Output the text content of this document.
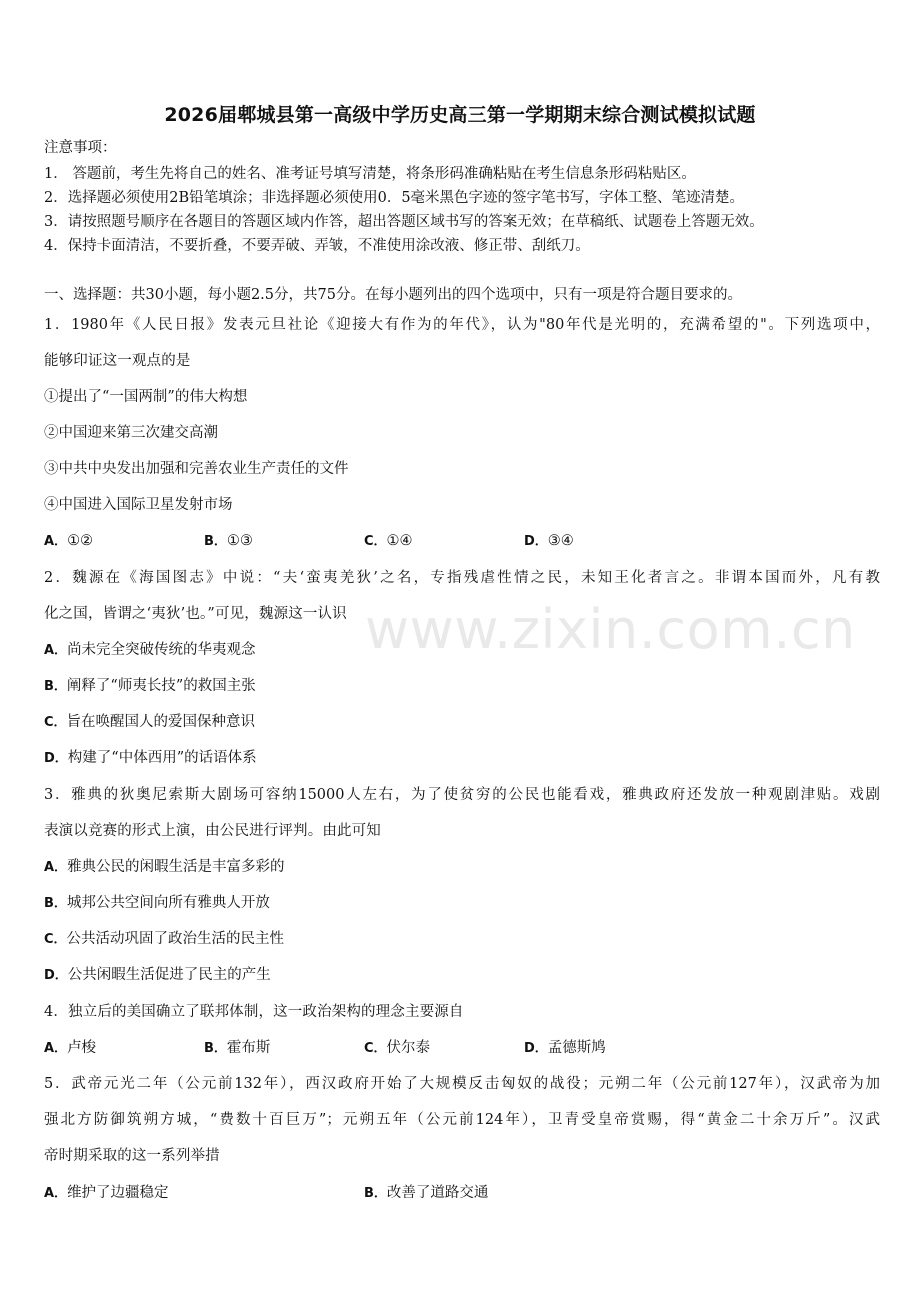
2026届郫城县第一高级中学历史高三第一学期期末综合测试模拟试题
注意事项：
1． 答题前，考生先将自己的姓名、准考证号填写清楚，将条形码准确粘贴在考生信息条形码粘贴区。
2．选择题必须使用2B铅笔填涂；非选择题必须使用0．5毫米黑色字迹的签字笔书写，字体工整、笔迹清楚。
3．请按照题号顺序在各题目的答题区域内作答，超出答题区域书写的答案无效；在草稿纸、试题卷上答题无效。
4．保持卡面清洁，不要折叠，不要弄破、弄皱，不准使用涂改液、修正带、刮纸刀。
一、选择题：共30小题，每小题2.5分，共75分。在每小题列出的四个选项中，只有一项是符合题目要求的。
1．1980年《人民日报》发表元旦社论《迎接大有作为的年代》，认为"80年代是光明的，充满希望的"。下列选项中，
能够印证这一观点的是
①提出了“一国两制”的伟大构想
②中国迎来第三次建交高潮
③中共中央发出加强和完善农业生产责任的文件
④中国进入国际卫星发射市场
A．①②	B．①③	C．①④	D．③④
2．魏源在《海国图志》中说：“夫‘蛮夷羌狄’之名，专指残虐性情之民，未知王化者言之。非谓本国而外，凡有教
化之国，皆谓之‘夷狄’也。”可见，魏源这一认识
A．尚未完全突破传统的华夷观念
B．阐释了“师夷长技”的救国主张
C．旨在唤醒国人的爱国保种意识
D．构建了“中体西用”的话语体系
3．雅典的狄奥尼索斯大剧场可容纳15000人左右，为了使贫穷的公民也能看戏，雅典政府还发放一种观剧津贴。戏剧
表演以竞赛的形式上演，由公民进行评判。由此可知
A．雅典公民的闲暇生活是丰富多彩的
B．城邦公共空间向所有雅典人开放
C．公共活动巩固了政治生活的民主性
D．公共闲暇生活促进了民主的产生
4．独立后的美国确立了联邦体制，这一政治架构的理念主要源自
A．卢梭	B．霍布斯	C．伏尔泰	D．孟德斯鸠
5．武帝元光二年（公元前132年），西汉政府开始了大规模反击匈奴的战役；元朔二年（公元前127年），汉武帝为加
强北方防御筑朔方城，“费数十百巨万”；元朔五年（公元前124年），卫青受皇帝赏赐，得“黄金二十余万斤”。汉武
帝时期采取的这一系列举措
A．维护了边疆稳定	B．改善了道路交通
www.zixin.com.cn
